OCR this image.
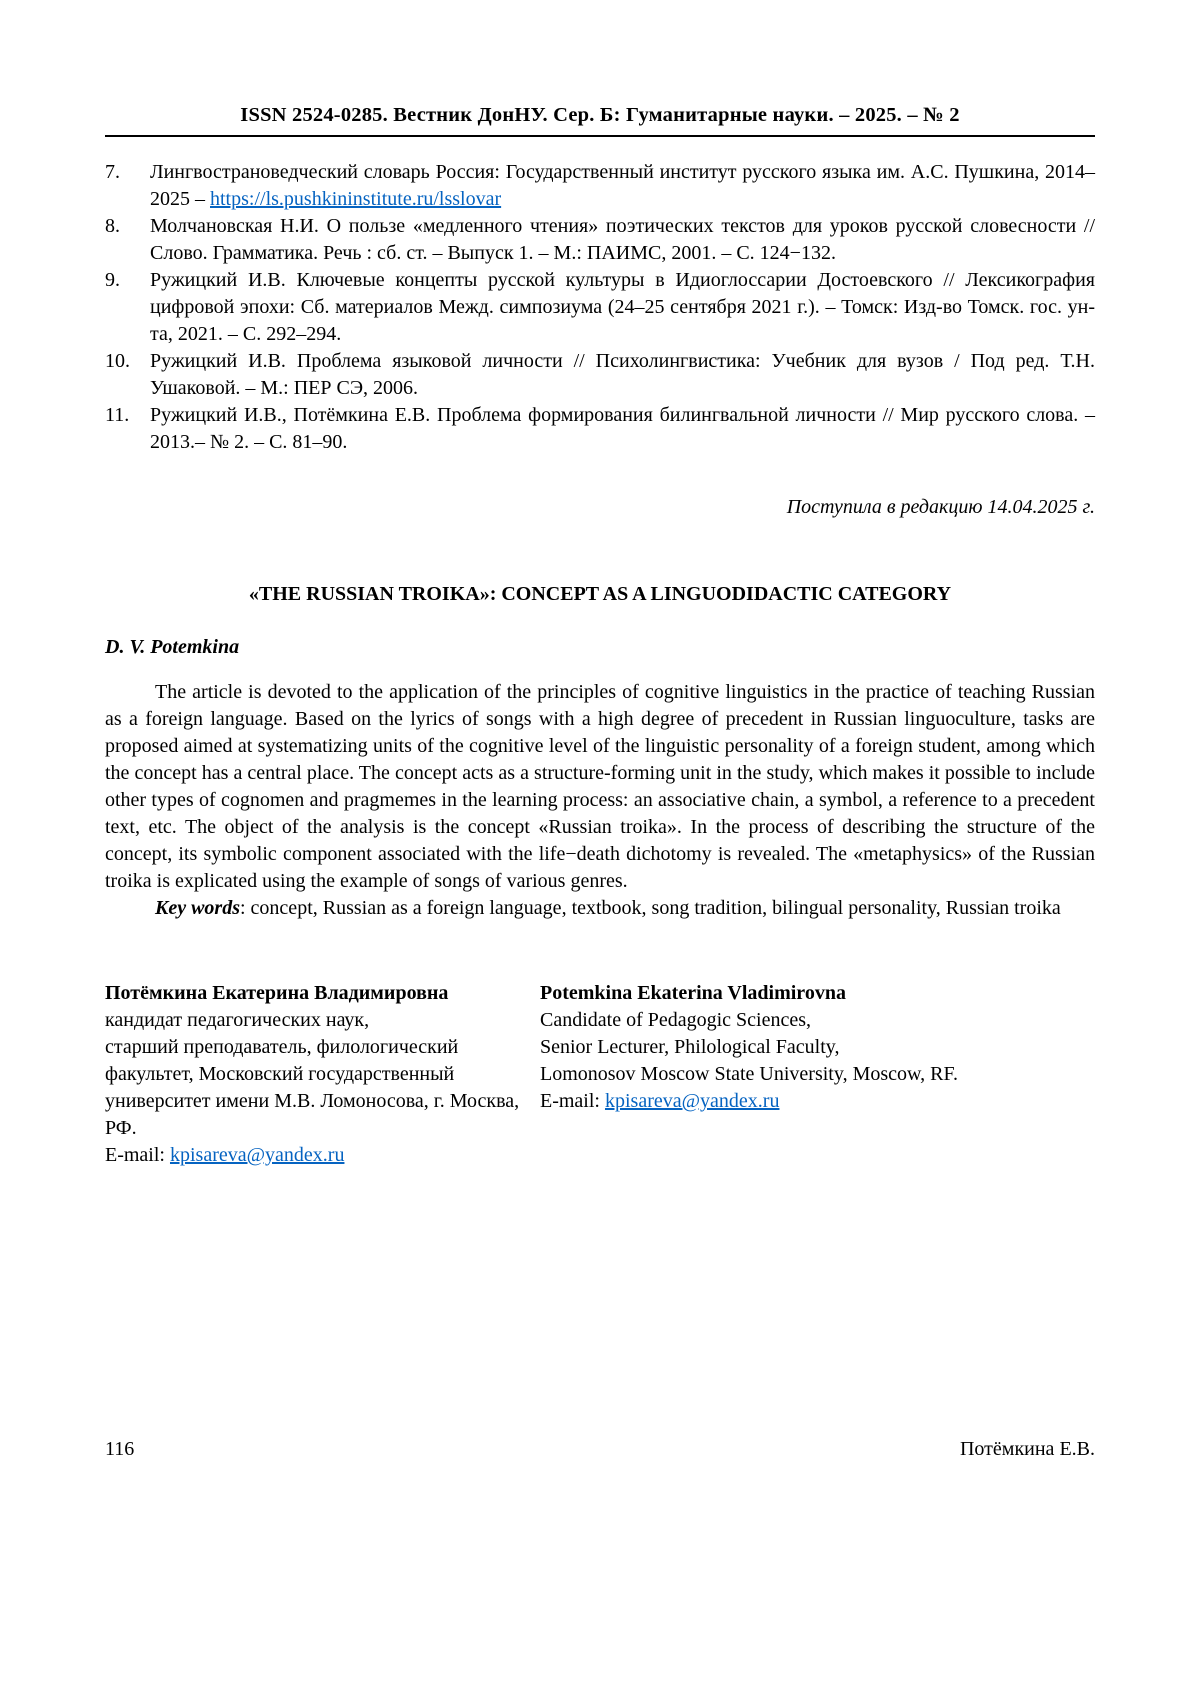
ISSN 2524-0285. Вестник ДонНУ. Сер. Б: Гуманитарные науки. – 2025. – № 2
7.	Лингвострановедческий словарь Россия: Государственный институт русского языка им. А.С. Пушкина, 2014–2025 – https://ls.pushkininstitute.ru/lsslovar
8.	Молчановская Н.И. О пользе «медленного чтения» поэтических текстов для уроков русской словесности // Слово. Грамматика. Речь : сб. ст. – Выпуск 1. – М.: ПАИМС, 2001. – С. 124−132.
9.	Ружицкий И.В. Ключевые концепты русской культуры в Идиоглоссарии Достоевского // Лексикография цифровой эпохи: Сб. материалов Межд. симпозиума (24–25 сентября 2021 г.). – Томск: Изд-во Томск. гос. ун-та, 2021. – С. 292–294.
10.	Ружицкий И.В. Проблема языковой личности // Психолингвистика: Учебник для вузов / Под ред. Т.Н. Ушаковой. – М.: ПЕР СЭ, 2006.
11.	Ружицкий И.В., Потёмкина Е.В. Проблема формирования билингвальной личности // Мир русского слова. – 2013.– № 2. – С. 81–90.
Поступила в редакцию 14.04.2025 г.
«THE RUSSIAN TROIKA»: CONCEPT AS A LINGUODIDACTIC CATEGORY
D. V. Potemkina

The article is devoted to the application of the principles of cognitive linguistics in the practice of teaching Russian as a foreign language. Based on the lyrics of songs with a high degree of precedent in Russian linguoculture, tasks are proposed aimed at systematizing units of the cognitive level of the linguistic personality of a foreign student, among which the concept has a central place. The concept acts as a structure-forming unit in the study, which makes it possible to include other types of cognomen and pragmemes in the learning process: an associative chain, a symbol, a reference to a precedent text, etc. The object of the analysis is the concept «Russian troika». In the process of describing the structure of the concept, its symbolic component associated with the life−death dichotomy is revealed. The «metaphysics» of the Russian troika is explicated using the example of songs of various genres.

Key words: concept, Russian as a foreign language, textbook, song tradition, bilingual personality, Russian troika

Потёмкина Екатерина Владимировна
кандидат педагогических наук,
старший преподаватель, филологический
факультет, Московский государственный
университет имени М.В. Ломоносова, г. Москва, РФ.
E-mail: kpisareva@yandex.ru
Potemkina Ekaterina Vladimirovna
Candidate of Pedagogic Sciences,
Senior Lecturer, Philological Faculty,
Lomonosov Moscow State University, Moscow, RF.
E-mail: kpisareva@yandex.ru
116	Потёмкина Е.В.
